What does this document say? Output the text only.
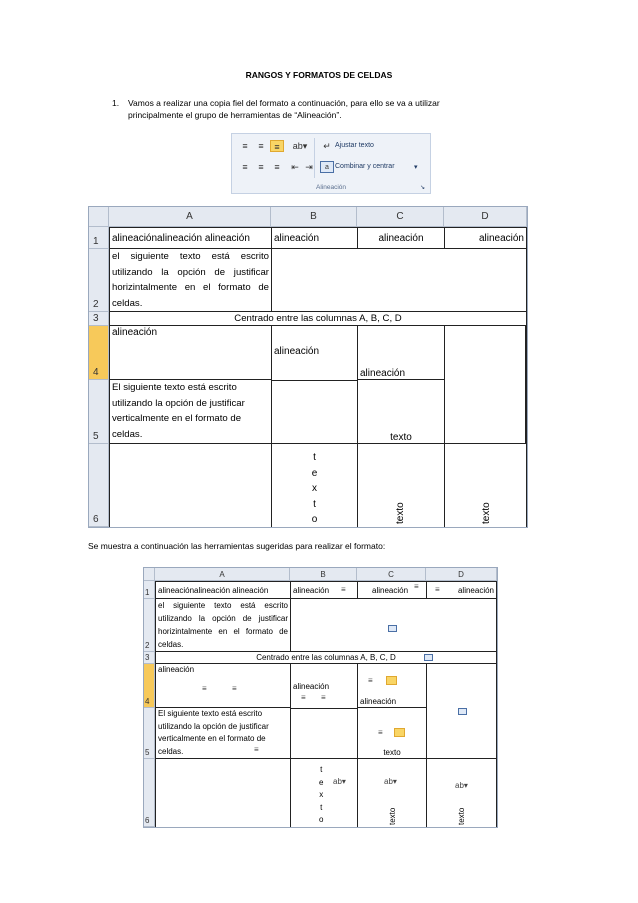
RANGOS Y FORMATOS DE CELDAS
1. Vamos a realizar una copia fiel del formato a continuación, para ello se va a utilizar
principalmente el grupo de herramientas de “Alineación”.
≡	≡	≡	ab▾
≡	≡	≡	⇤ ⇥
↵ Ajustar texto
a Combinar y centrar	▾
Alineación	↘
A	B	C	D
1
2
3
4
5
6
alineaciónalineación alineación	alineación	alineación	alineación
el siguiente texto está escrito utilizando la opción de justificar horizintalmente en el formato de celdas.
Centrado entre las columnas A, B, C, D
alineación
alineación
alineación
El siguiente texto está escrito utilizando la opción de justificar verticalmente en el formato de celdas.	texto
t
e
x
t
o	texto	texto
Se muestra a continuación las herramientas sugeridas para realizar el formato:
A	B	C	D
1
2
3
4
5
6
alineaciónalineación alineación	alineación ≡	alineación ≡ ≡ alineación
el siguiente texto está escrito utilizando la opción de justificar horizintalmente en el formato de celdas.
Centrado entre las columnas A, B, C, D
alineación
≡	≡	alineación
≡ ≡
≡
alineación
El siguiente texto está escrito utilizando la opción de justificar verticalmente en el formato de celdas.	≡
≡
texto
t
e
x
t
o
ab▾	ab▾
texto
ab▾
texto
